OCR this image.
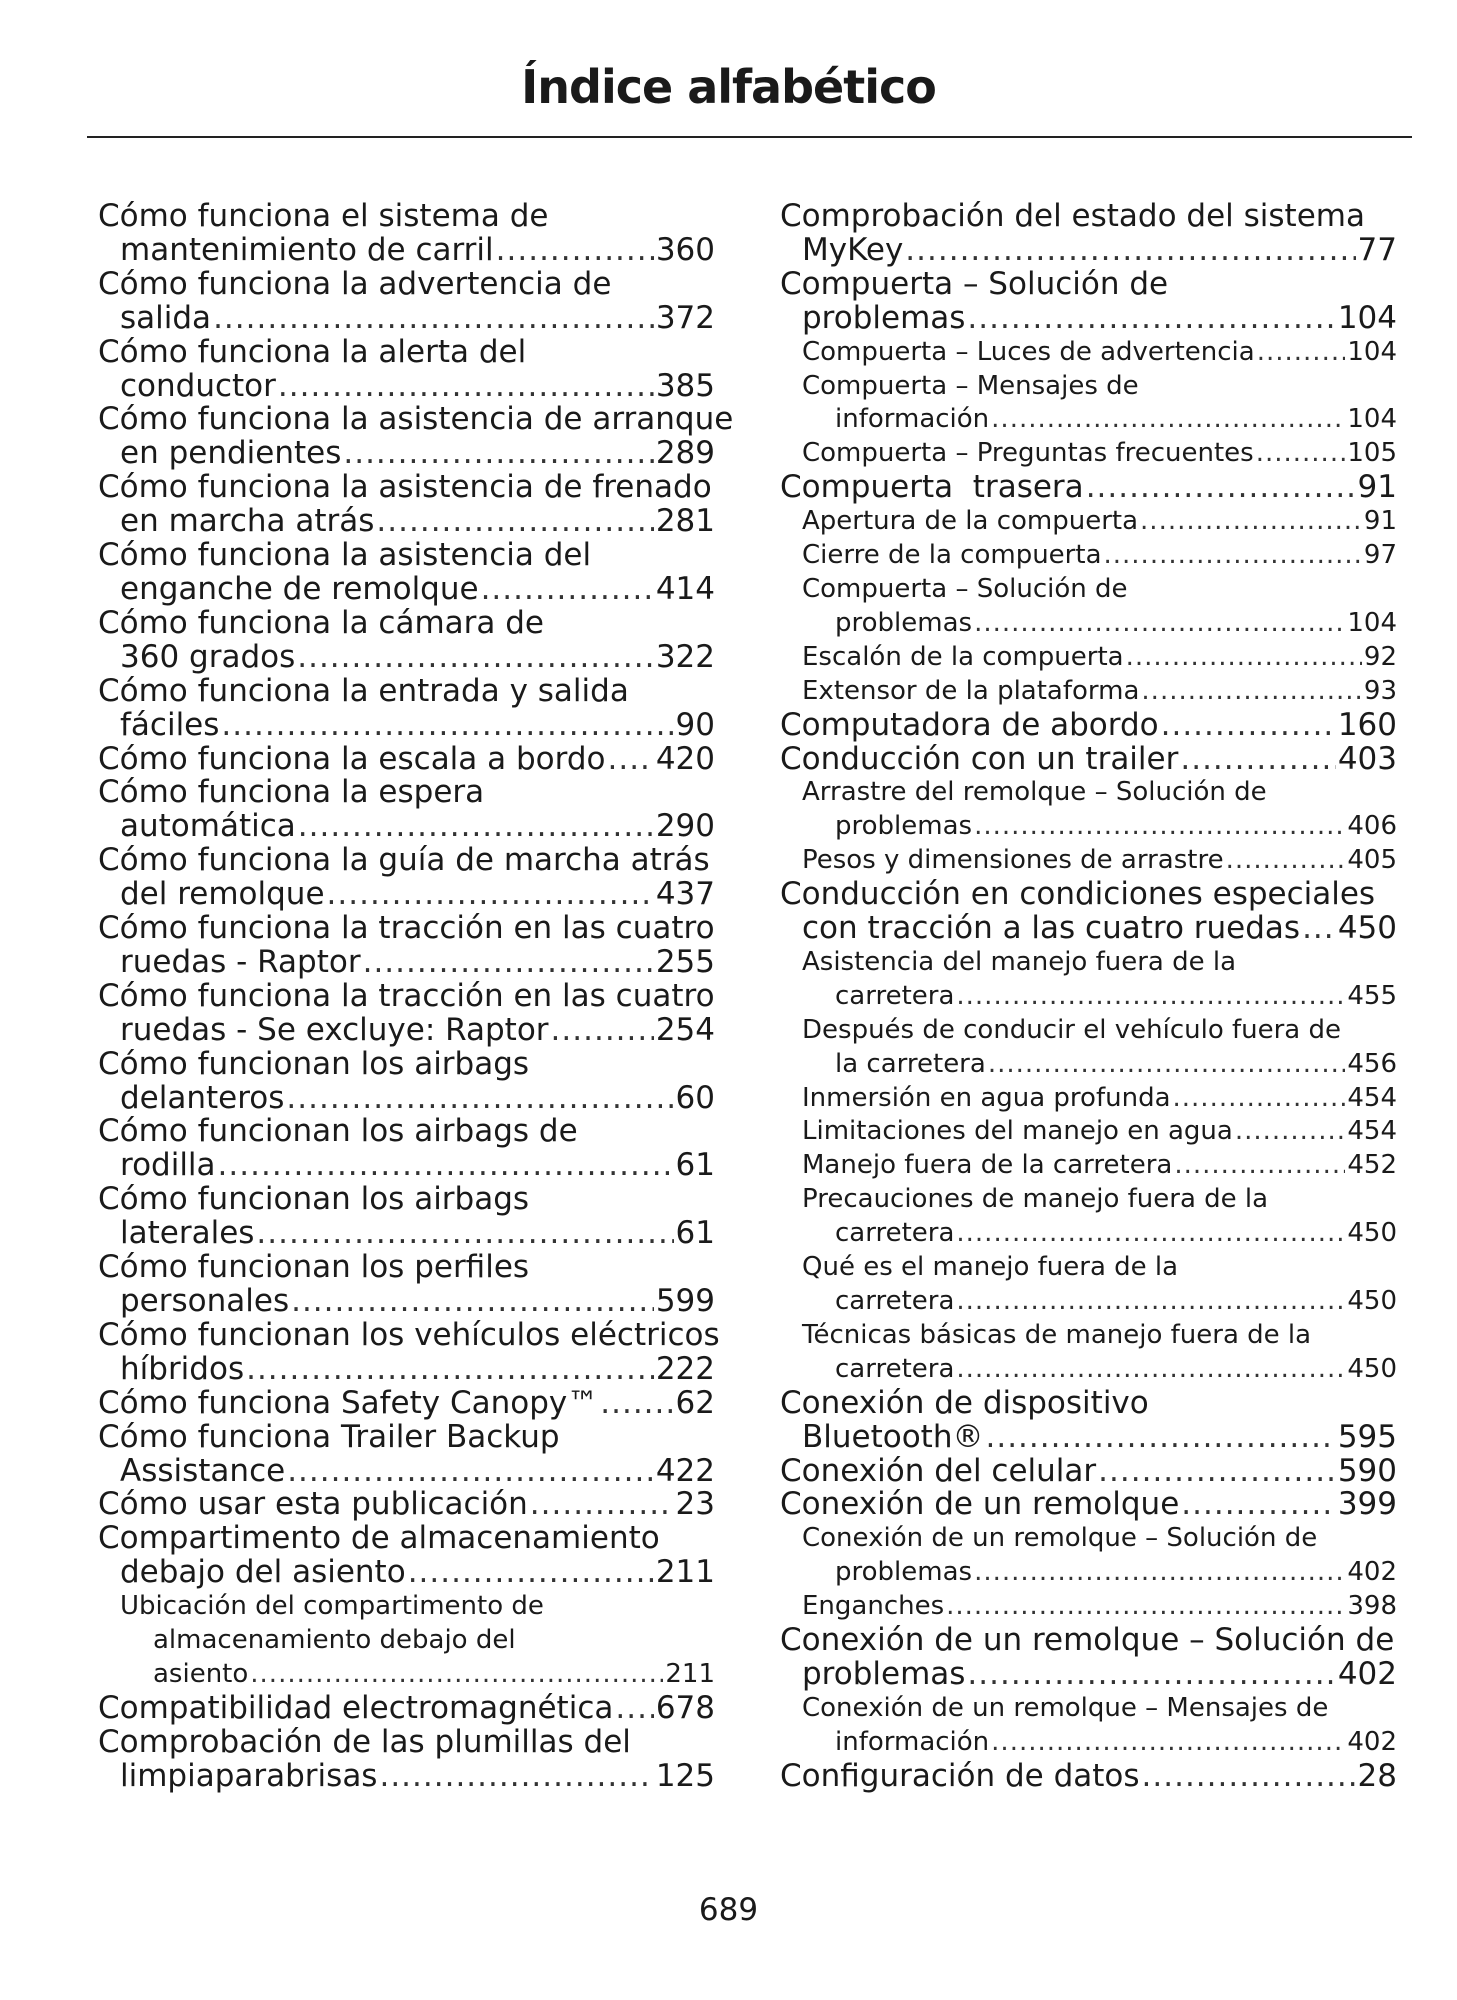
Índice alfabético
Cómo funciona el sistema de
mantenimiento de carril .....	360
Cómo funciona la advertencia de
salida .....	372
Cómo funciona la alerta del
conductor .....	385
Cómo funciona la asistencia de arranque
en pendientes .....	289
Cómo funciona la asistencia de frenado
en marcha atrás .....	281
Cómo funciona la asistencia del
enganche de remolque .....	414
Cómo funciona la cámara de
360 grados .....	322
Cómo funciona la entrada y salida
fáciles .....	90
Cómo funciona la escala a bordo ..... 420
Cómo funciona la espera
automática .....	290
Cómo funciona la guía de marcha atrás
del remolque .....	437
Cómo funciona la tracción en las cuatro
ruedas - Raptor .....	255
Cómo funciona la tracción en las cuatro
ruedas - Se excluye: Raptor .....	254
Cómo funcionan los airbags
delanteros .....	60
Cómo funcionan los airbags de
rodilla .....	61
Cómo funcionan los airbags
laterales .....	61
Cómo funcionan los perfiles
personales .....	599
Cómo funcionan los vehículos eléctricos
híbridos .....	222
Cómo funciona Safety Canopy™ ..... 62
Cómo funciona Trailer Backup
Assistance .....	422
Cómo usar esta publicación .....	23
Compartimento de almacenamiento
debajo del asiento .....	211
Ubicación del compartimento de
almacenamiento debajo del
asiento .....	211
Compatibilidad electromagnética ..... 678
Comprobación de las plumillas del
limpiaparabrisas .....	125
Comprobación del estado del sistema
MyKey .....	77
Compuerta – Solución de
problemas .....	104
Compuerta – Luces de advertencia .....	104
Compuerta – Mensajes de
información .....	104
Compuerta – Preguntas frecuentes .....	105
Compuerta  trasera .....	91
Apertura de la compuerta .....	91
Cierre de la compuerta .....	97
Compuerta – Solución de
problemas .....	104
Escalón de la compuerta .....	92
Extensor de la plataforma .....	93
Computadora de abordo .....	160
Conducción con un trailer .....	403
Arrastre del remolque – Solución de
problemas .....	406
Pesos y dimensiones de arrastre .....	405
Conducción en condiciones especiales
con tracción a las cuatro ruedas ..... 450
Asistencia del manejo fuera de la
carretera .....	455
Después de conducir el vehículo fuera de
la carretera .....	456
Inmersión en agua profunda .....	454
Limitaciones del manejo en agua .....	454
Manejo fuera de la carretera .....	452
Precauciones de manejo fuera de la
carretera .....	450
Qué es el manejo fuera de la
carretera .....	450
Técnicas básicas de manejo fuera de la
carretera .....	450
Conexión de dispositivo
Bluetooth® .....	595
Conexión del celular .....	590
Conexión de un remolque .....	399
Conexión de un remolque – Solución de
problemas .....	402
Enganches .....	398
Conexión de un remolque – Solución de
problemas .....	402
Conexión de un remolque – Mensajes de
información .....	402
Configuración de datos .....	28
689
